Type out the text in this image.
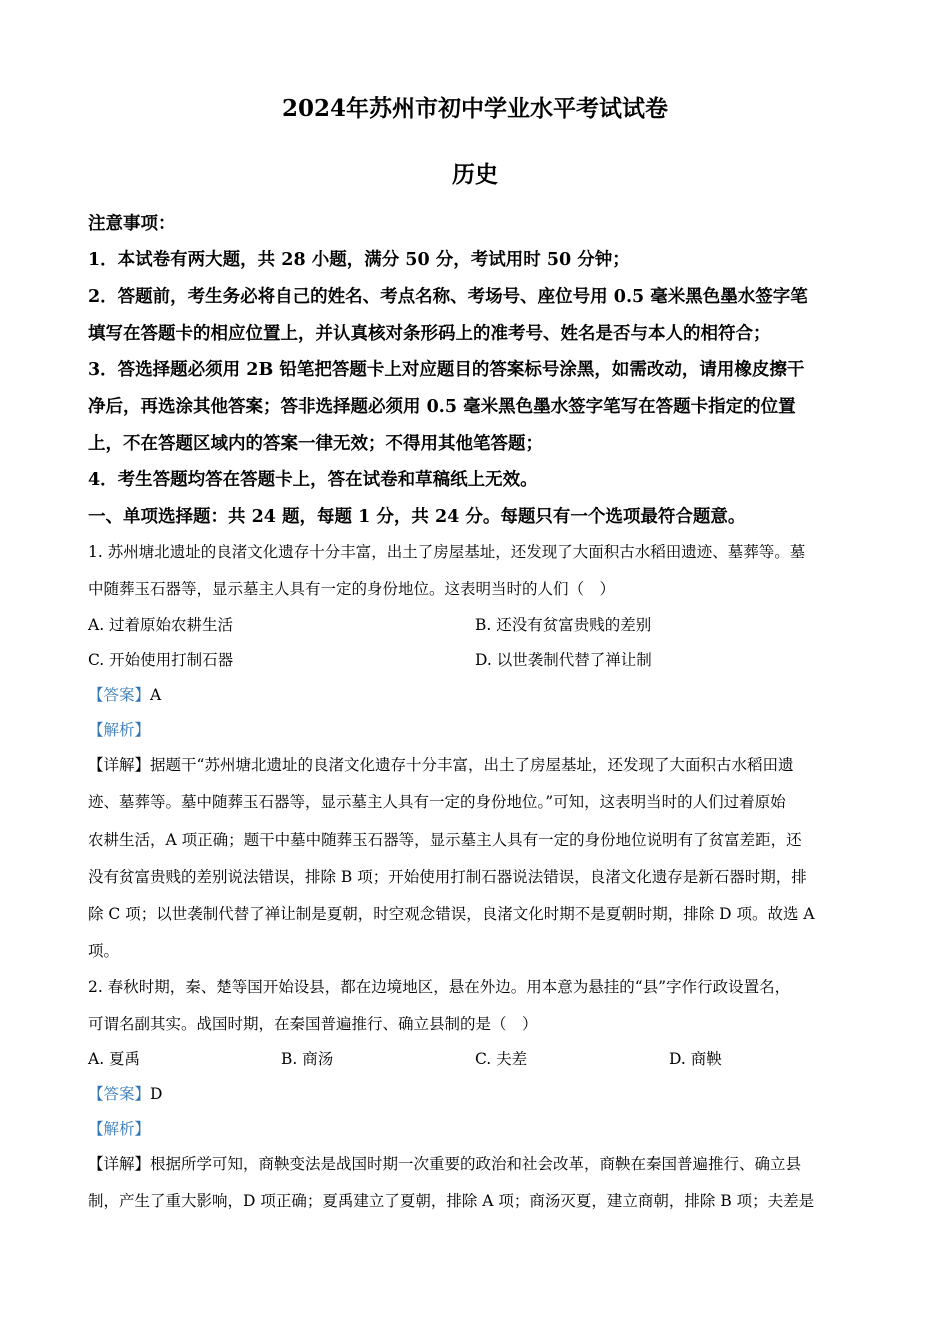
2024年苏州市初中学业水平考试试卷
历史
注意事项：
1．本试卷有两大题，共 28 小题，满分 50 分，考试用时 50 分钟；
2．答题前，考生务必将自己的姓名、考点名称、考场号、座位号用 0.5 毫米黑色墨水签字笔
填写在答题卡的相应位置上，并认真核对条形码上的准考号、姓名是否与本人的相符合；
3．答选择题必须用 2B 铅笔把答题卡上对应题目的答案标号涂黑，如需改动，请用橡皮擦干
净后，再选涂其他答案；答非选择题必须用 0.5 毫米黑色墨水签字笔写在答题卡指定的位置
上，不在答题区域内的答案一律无效；不得用其他笔答题；
4．考生答题均答在答题卡上，答在试卷和草稿纸上无效。
一、单项选择题：共 24 题，每题 1 分，共 24 分。每题只有一个选项最符合题意。
1. 苏州塘北遗址的良渚文化遗存十分丰富，出土了房屋基址，还发现了大面积古水稻田遗迹、墓葬等。墓
中随葬玉石器等，显示墓主人具有一定的身份地位。这表明当时的人们（　）
A. 过着原始农耕生活	B. 还没有贫富贵贱的差别
C. 开始使用打制石器	D. 以世袭制代替了禅让制
【答案】A
【解析】
【详解】据题干“苏州塘北遗址的良渚文化遗存十分丰富，出土了房屋基址，还发现了大面积古水稻田遗
迹、墓葬等。墓中随葬玉石器等，显示墓主人具有一定的身份地位。”可知，这表明当时的人们过着原始
农耕生活，A 项正确；题干中墓中随葬玉石器等，显示墓主人具有一定的身份地位说明有了贫富差距，还
没有贫富贵贱的差别说法错误，排除 B 项；开始使用打制石器说法错误，良渚文化遗存是新石器时期，排
除 C 项；以世袭制代替了禅让制是夏朝，时空观念错误，良渚文化时期不是夏朝时期，排除 D 项。故选 A
项。
2. 春秋时期，秦、楚等国开始设县，都在边境地区，悬在外边。用本意为悬挂的“县”字作行政设置名，
可谓名副其实。战国时期，在秦国普遍推行、确立县制的是（　）
A. 夏禹	B. 商汤	C. 夫差	D. 商鞅
【答案】D
【解析】
【详解】根据所学可知，商鞅变法是战国时期一次重要的政治和社会改革，商鞅在秦国普遍推行、确立县
制，产生了重大影响，D 项正确；夏禹建立了夏朝，排除 A 项；商汤灭夏，建立商朝，排除 B 项；夫差是
